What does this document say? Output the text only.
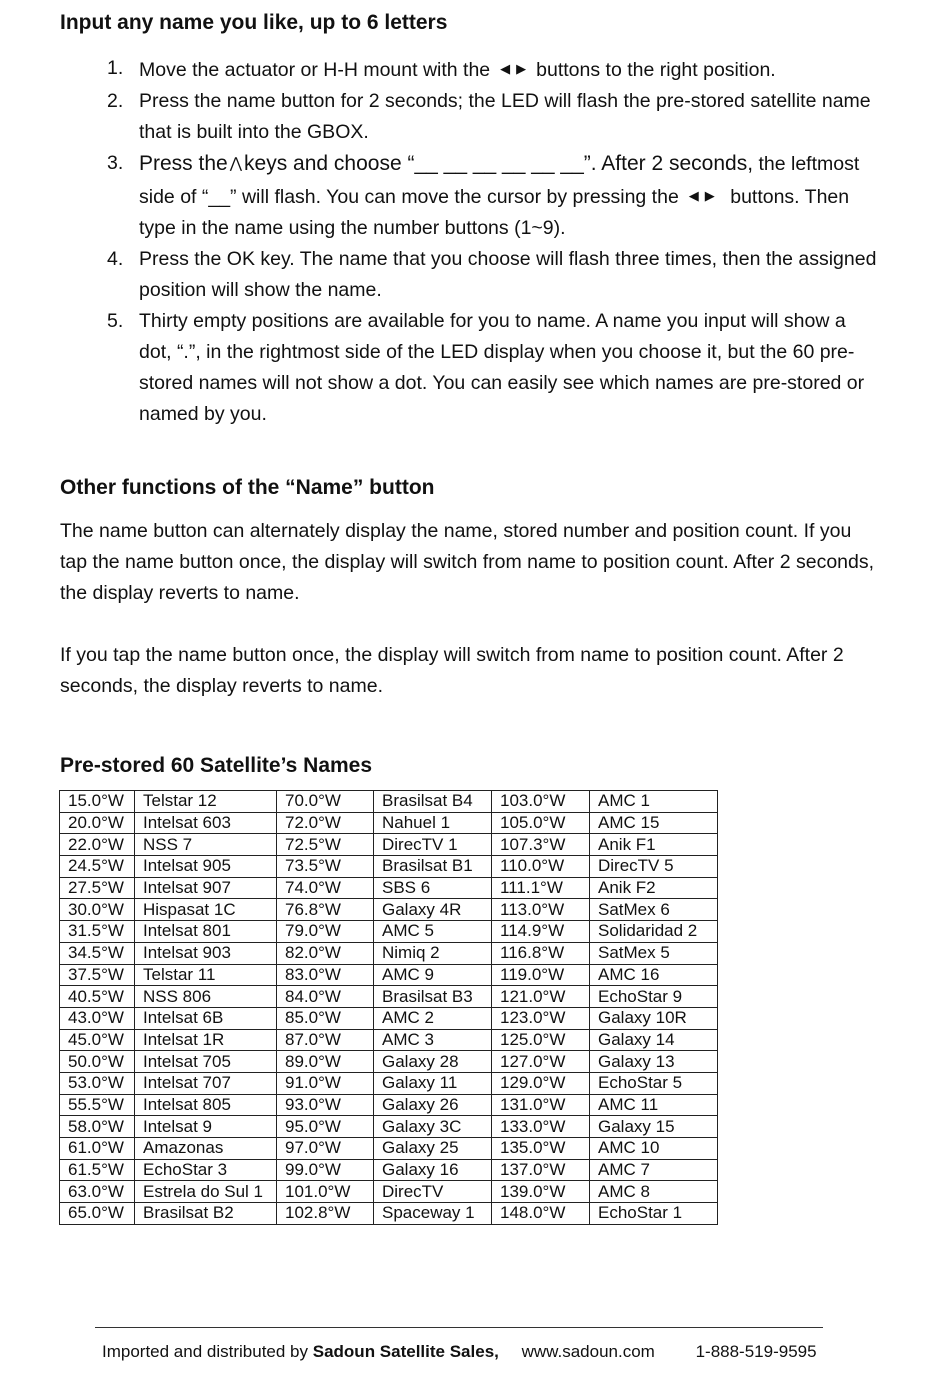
Input any name you like, up to 6 letters
1. Move the actuator or H-H mount with the ◀▶ buttons to the right position.
2. Press the name button for 2 seconds; the LED will flash the pre-stored satellite name that is built into the GBOX.
3. Press the ⋀keys and choose “__ __ __ __ __ __”. After 2 seconds, the leftmost side of “__” will flash. You can move the cursor by pressing the ◀▶ buttons. Then type in the name using the number buttons (1~9).
4. Press the OK key. The name that you choose will flash three times, then the assigned position will show the name.
5. Thirty empty positions are available for you to name. A name you input will show a dot, “.”, in the rightmost side of the LED display when you choose it, but the 60 pre-stored names will not show a dot. You can easily see which names are pre-stored or named by you.
Other functions of the “Name” button

The name button can alternately display the name, stored number and position count. If you tap the name button once, the display will switch from name to position count. After 2 seconds, the display reverts to name.

If you tap the name button once, the display will switch from name to position count. After 2 seconds, the display reverts to name.

Pre-stored 60 Satellite’s Names
15.0°W	Telstar 12	70.0°W	Brasilsat B4	103.0°W	AMC 1
20.0°W	Intelsat 603	72.0°W	Nahuel 1	105.0°W	AMC 15
22.0°W	NSS 7	72.5°W	DirecTV 1	107.3°W	Anik F1
24.5°W	Intelsat 905	73.5°W	Brasilsat B1	110.0°W	DirecTV 5
27.5°W	Intelsat 907	74.0°W	SBS 6	111.1°W	Anik F2
30.0°W	Hispasat 1C	76.8°W	Galaxy 4R	113.0°W	SatMex 6
31.5°W	Intelsat 801	79.0°W	AMC 5	114.9°W	Solidaridad 2
34.5°W	Intelsat 903	82.0°W	Nimiq 2	116.8°W	SatMex 5
37.5°W	Telstar 11	83.0°W	AMC 9	119.0°W	AMC 16
40.5°W	NSS 806	84.0°W	Brasilsat B3	121.0°W	EchoStar 9
43.0°W	Intelsat 6B	85.0°W	AMC 2	123.0°W	Galaxy 10R
45.0°W	Intelsat 1R	87.0°W	AMC 3	125.0°W	Galaxy 14
50.0°W	Intelsat 705	89.0°W	Galaxy 28	127.0°W	Galaxy 13
53.0°W	Intelsat 707	91.0°W	Galaxy 11	129.0°W	EchoStar 5
55.5°W	Intelsat 805	93.0°W	Galaxy 26	131.0°W	AMC 11
58.0°W	Intelsat 9	95.0°W	Galaxy 3C	133.0°W	Galaxy 15
61.0°W	Amazonas	97.0°W	Galaxy 25	135.0°W	AMC 10
61.5°W	EchoStar 3	99.0°W	Galaxy 16	137.0°W	AMC 7
63.0°W	Estrela do Sul 1	101.0°W	DirecTV	139.0°W	AMC 8
65.0°W	Brasilsat B2	102.8°W	Spaceway 1	148.0°W	EchoStar 1
Imported and distributed by Sadoun Satellite Sales, www.sadoun.com 1-888-519-9595
